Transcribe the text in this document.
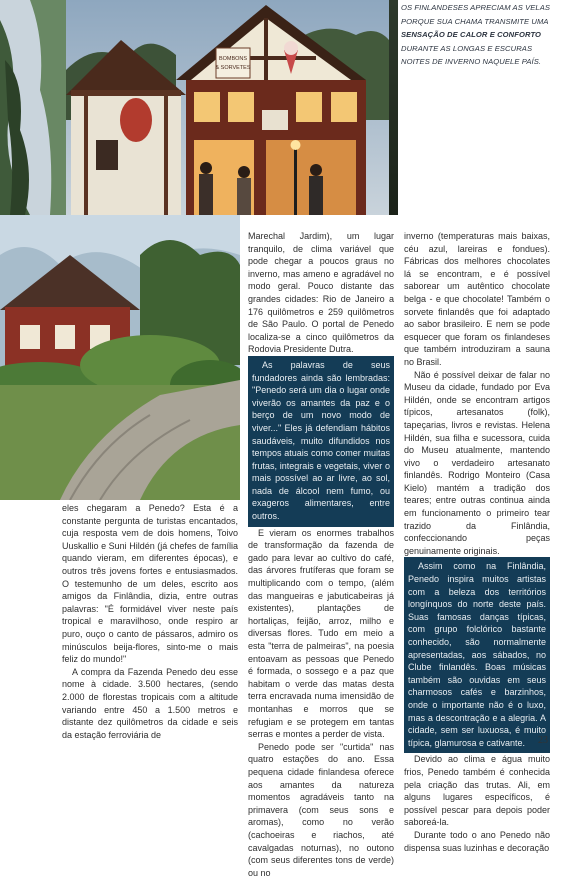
BOMBONS
& SORVETES
OS FINLANDESES APRECIAM AS VELAS PORQUE SUA CHAMA TRANSMITE UMA SENSAÇÃO DE CALOR E CONFORTO DURANTE AS LONGAS E ESCURAS NOITES DE INVERNO NAQUELE PAÍS.

eles chegaram a Penedo? Esta é a constante pergunta de turistas encantados, cuja resposta vem de dois homens, Toivo Uuskallio e Suni Hildén (já chefes de família quando vieram, em diferentes épocas), e outros três jovens fortes e entusiasmados. O testemunho de um deles, escrito aos amigos da Finlândia, dizia, entre outras palavras: "É formidável viver neste país tropical e maravilhoso, onde respiro ar puro, ouço o canto de pássaros, admiro os minúsculos beija-flores, sinto-me o mais feliz do mundo!"

A compra da Fazenda Penedo deu esse nome à cidade. 3.500 hectares, (sendo 2.000 de florestas tropicais com a altitude variando entre 450 a 1.500 metros e distante dez quilômetros da cidade e seis da estação ferroviária de

Marechal Jardim), um lugar tranquilo, de clima variável que pode chegar a poucos graus no inverno, mas ameno e agradável no modo geral. Pouco distante das grandes cidades: Rio de Janeiro a 176 quilômetros e 259 quilômetros de São Paulo. O portal de Penedo localiza-se a cinco quilômetros da Rodovia Presidente Dutra.

As palavras de seus fundadores ainda são lembradas: "Penedo será um dia o lugar onde viverão os amantes da paz e o berço de um novo modo de viver..." Eles já defendiam hábitos saudáveis, muito difundidos nos tempos atuais como comer muitas frutas, integrais e vegetais, viver o mais possível ao ar livre, ao sol, nada de álcool nem fumo, ou exageros alimentares, entre outros.

E vieram os enormes trabalhos de transformação da fazenda de gado para levar ao cultivo do café, das árvores frutíferas que foram se multiplicando com o tempo, (além das mangueiras e jabuticabeiras já existentes), plantações de hortaliças, feijão, arroz, milho e diversas flores. Tudo em meio a esta "terra de palmeiras", na poesia entoavam as pessoas que Penedo é formada, o sossego e a paz que habitam o verde das matas desta terra encravada numa imensidão de montanhas e morros que se refugiam e se protegem em tantas serras e montes a perder de vista.

Penedo pode ser "curtida" nas quatro estações do ano. Essa pequena cidade finlandesa oferece aos amantes da natureza momentos agradáveis tanto na primavera (com seus sons e aromas), como no verão (cachoeiras e riachos, até cavalgadas noturnas), no outono (com seus diferentes tons de verde) ou no

inverno (temperaturas mais baixas, céu azul, lareiras e fondues). Fábricas dos melhores chocolates lá se encontram, e é possível saborear um autêntico chocolate belga - e que chocolate! Também o sorvete finlandês que foi adaptado ao sabor brasileiro. E nem se pode esquecer que foram os finlandeses que também introduziram a sauna no Brasil.

Não é possível deixar de falar no Museu da cidade, fundado por Eva Hildén, onde se encontram artigos típicos, artesanatos (folk), tapeçarias, livros e revistas. Helena Hildén, sua filha e sucessora, cuida do Museu atualmente, mantendo vivo o verdadeiro artesanato finlandês. Rodrigo Monteiro (Casa Kielo) mantém a tradição dos teares; entre outras continua ainda em funcionamento o primeiro tear trazido da Finlândia, confeccionando peças genuinamente originais.

Assim como na Finlândia, Penedo inspira muitos artistas com a beleza dos territórios longínquos do norte deste país. Suas famosas danças típicas, com grupo folclórico bastante conhecido, são normalmente apresentadas, aos sábados, no Clube finlandês. Boas músicas também são ouvidas em seus charmosos cafés e barzinhos, onde o importante não é o luxo, mas a descontração e a alegria. A cidade, sem ser luxuosa, é muito típica, glamurosa e cativante.

Devido ao clima e água muito frios, Penedo também é conhecida pela criação das trutas. Ali, em alguns lugares específicos, é possível pescar para depois poder saboreá-la.

Durante todo o ano Penedo não dispensa suas luzinhas e decoração

23
